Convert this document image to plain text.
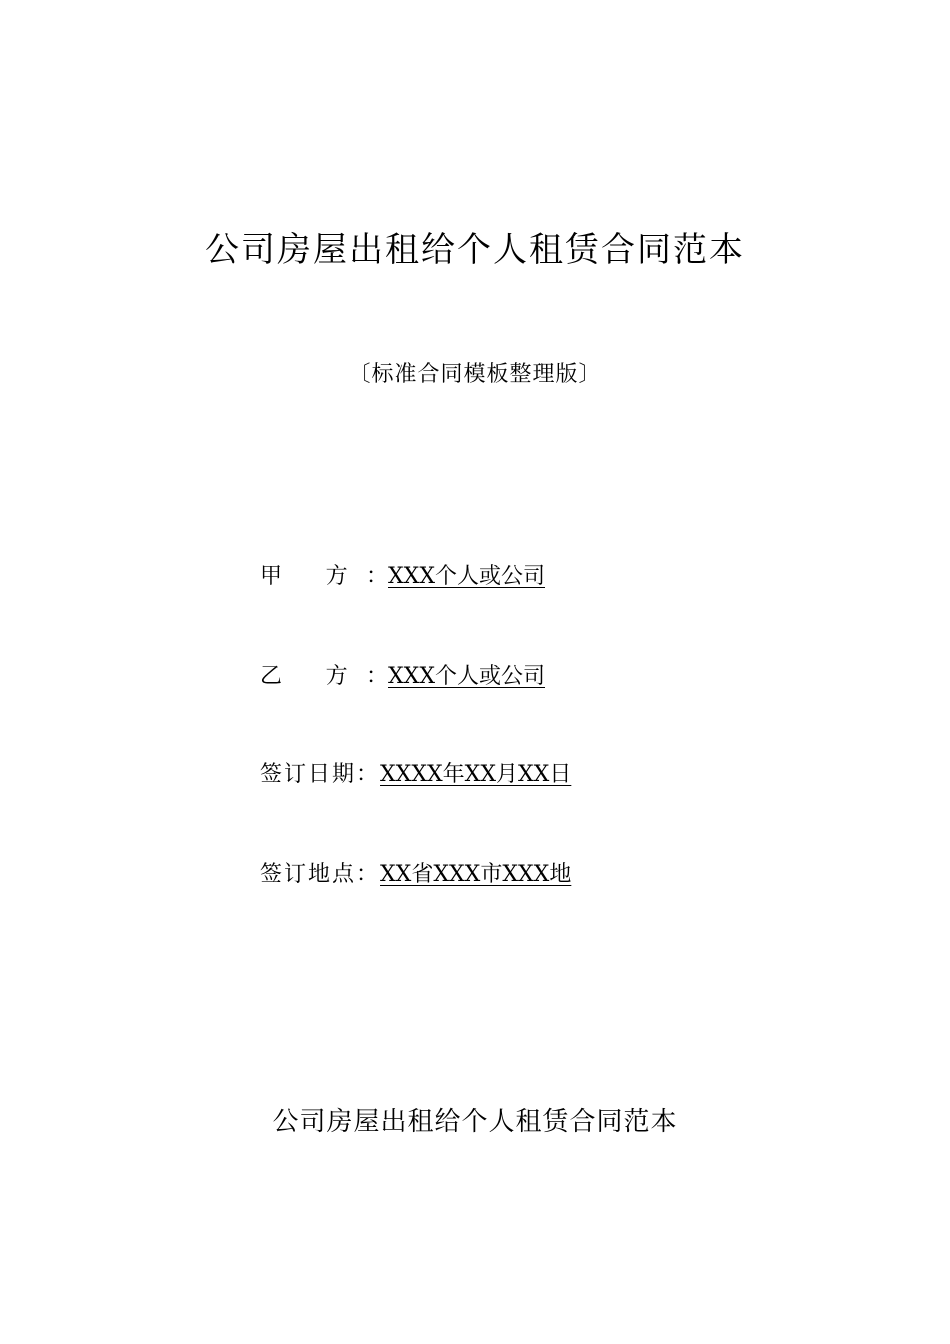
公司房屋出租给个人租赁合同范本
〔标准合同模板整理版〕
甲 方： XXX个人或公司
乙 方： XXX个人或公司
签订日期： XXXX年XX月XX日
签订地点： XX省XXX市XXX地
公司房屋出租给个人租赁合同范本
